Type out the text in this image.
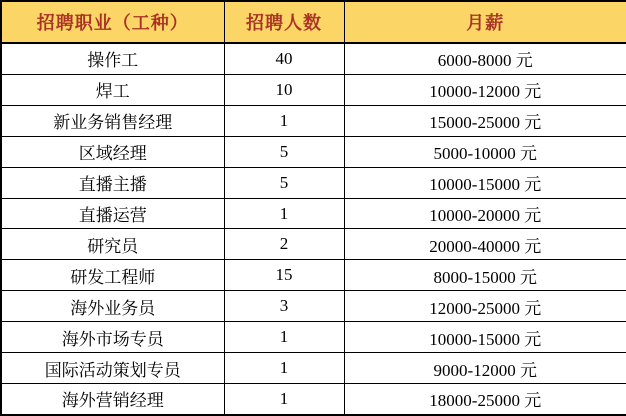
招聘职业（工种）	招聘人数	月薪
操作工	40	6000-8000 元
焊工	10	10000-12000 元
新业务销售经理	1	15000-25000 元
区域经理	5	5000-10000 元
直播主播	5	10000-15000 元
直播运营	1	10000-20000 元
研究员	2	20000-40000 元
研发工程师	15	8000-15000 元
海外业务员	3	12000-25000 元
海外市场专员	1	10000-15000 元
国际活动策划专员	1	9000-12000 元
海外营销经理	1	18000-25000 元
